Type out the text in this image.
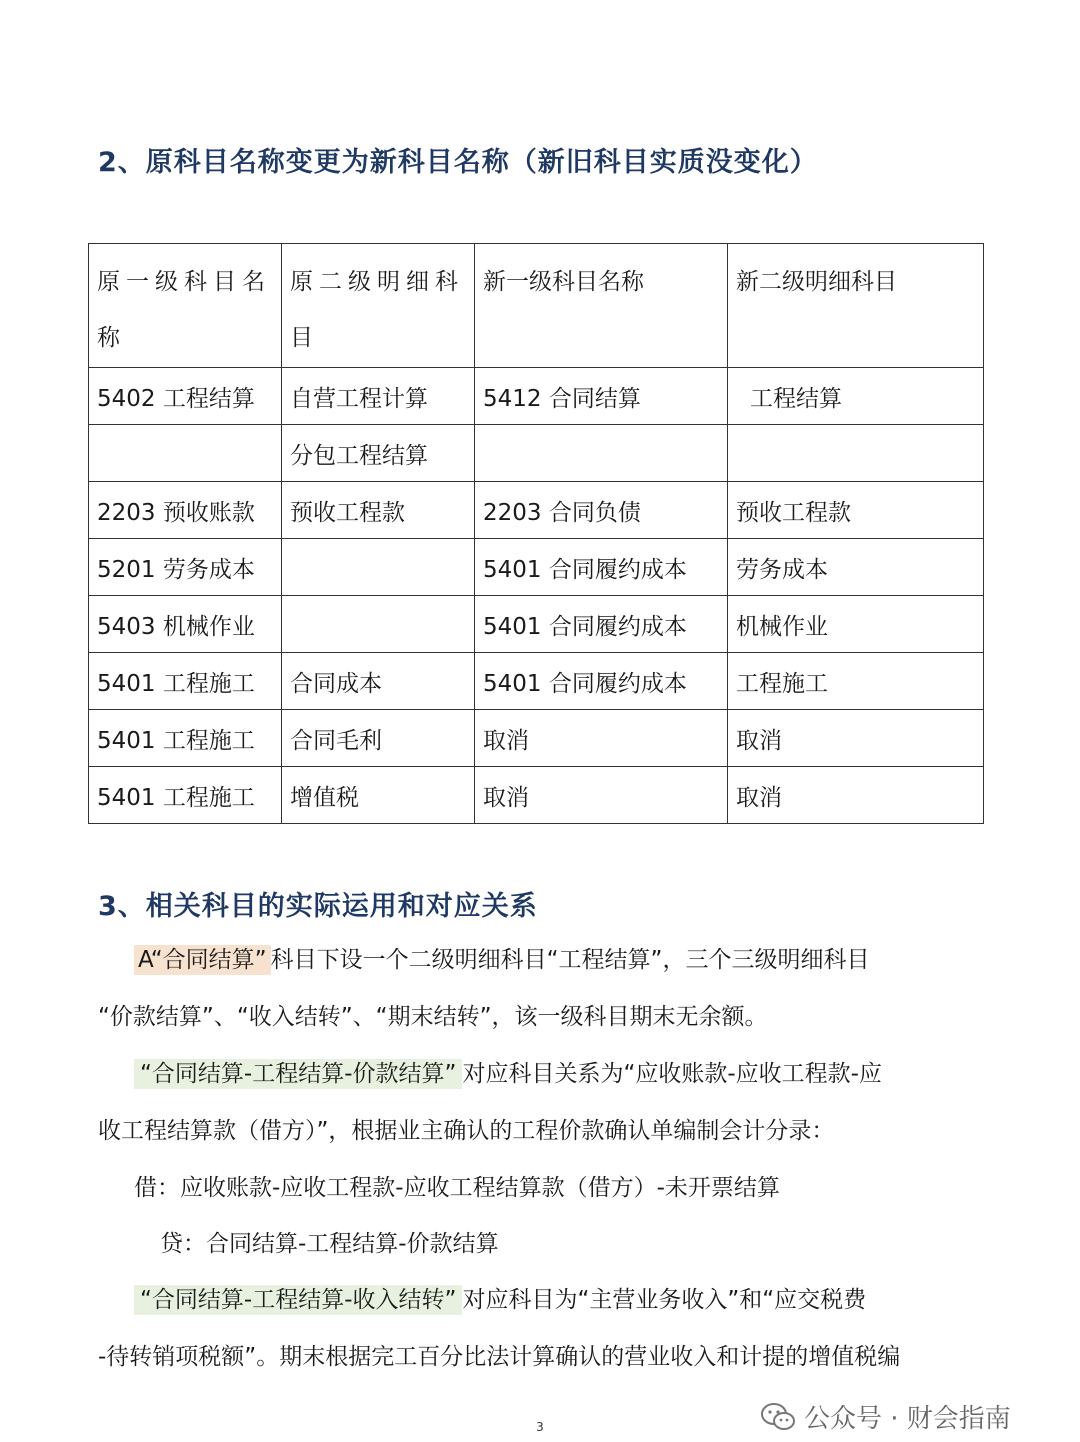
2、原科目名称变更为新科目名称（新旧科目实质没变化）
原一级科目名称	原二级明细科目	新一级科目名称	新二级明细科目
5402 工程结算	自营工程计算	5412 合同结算	工程结算
	分包工程结算		
2203 预收账款	预收工程款	2203 合同负债	预收工程款
5201 劳务成本		5401 合同履约成本	劳务成本
5403 机械作业		5401 合同履约成本	机械作业
5401 工程施工	合同成本	5401 合同履约成本	工程施工
5401 工程施工	合同毛利	取消	取消
5401 工程施工	增值税	取消	取消
3、相关科目的实际运用和对应关系
A“合同结算” 科目下设一个二级明细科目“工程结算”，三个三级明细科目
“价款结算”、“收入结转”、“期末结转”，该一级科目期末无余额。
“合同结算-工程结算-价款结算” 对应科目关系为“应收账款-应收工程款-应
收工程结算款（借方）”，根据业主确认的工程价款确认单编制会计分录：
借：应收账款-应收工程款-应收工程结算款（借方）-未开票结算
贷：合同结算-工程结算-价款结算
“合同结算-工程结算-收入结转” 对应科目为“主营业务收入”和“应交税费
-待转销项税额”。期末根据完工百分比法计算确认的营业收入和计提的增值税编
公众号 · 财会指南
3
